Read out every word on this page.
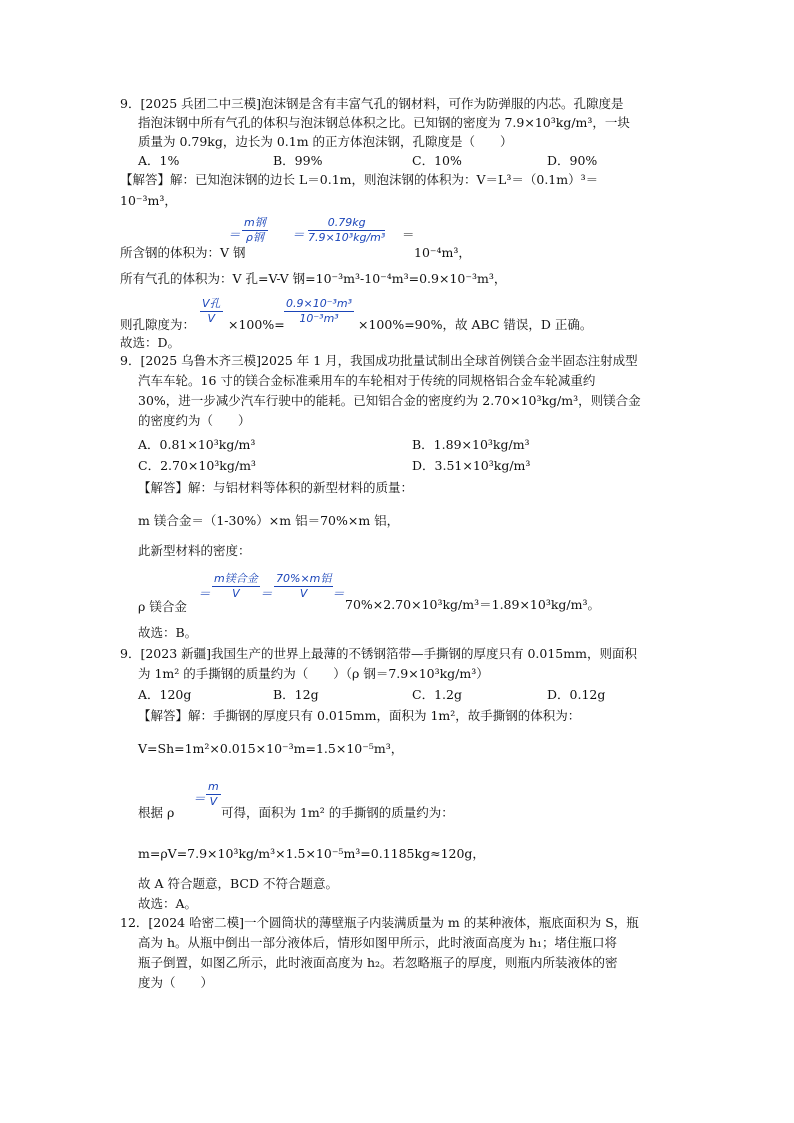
9．[2025 兵团二中三模]泡沫钢是含有丰富气孔的钢材料，可作为防弹服的内芯。孔隙度是
指泡沫钢中所有气孔的体积与泡沫钢总体积之比。已知钢的密度为 7.9×10³kg/m³，一块
质量为 0.79kg，边长为 0.1m 的正方体泡沫钢，孔隙度是（　　）
A．1%	B．99%	C．10%	D．90%
【解答】解：已知泡沫钢的边长 L＝0.1m，则泡沫钢的体积为：V＝L³＝（0.1m）³＝
10⁻³m³，
所含钢的体积为：V 钢
＝
m钢
ρ钢	＝ $\frac{0.79kg}{\text{7.9×10³kg/m³}}$ ＝
10⁻⁴m³，
所有气孔的体积为：V 孔=V-V 钢=10⁻³m³-10⁻⁴m³=0.9×10⁻³m³，
则孔隙度为：
V孔
V	$\times 100\%= \frac{\text{0.9×10⁻³m³}}{\text{10⁻³m³}} \times 100\%=90\%$，故 ABC 错误，D 正确。
故选：D。
9．[2025 乌鲁木齐三模]2025 年 1 月，我国成功批量试制出全球首例镁合金半固态注射成型
汽车车轮。16 寸的镁合金标准乘用车的车轮相对于传统的同规格铝合金车轮减重约
30%，进一步减少汽车行驶中的能耗。已知铝合金的密度约为 2.70×10³kg/m³，则镁合金
的密度约为（　　）
A．0.81×10³kg/m³	B．1.89×10³kg/m³
C．2.70×10³kg/m³	D．3.51×10³kg/m³
【解答】解：与铝材料等体积的新型材料的质量：
m 镁合金＝（1-30%）×m 铝＝70%×m 铝，
此新型材料的密度：
ρ 镁合金
＝
m镁合金
V	＝
70%×m铝
V	＝
70%×2.70×10³kg/m³＝1.89×10³kg/m³。
故选：B。
9．[2023 新疆]我国生产的世界上最薄的不锈钢箔带—手撕钢的厚度只有 0.015mm，则面积
为 1m² 的手撕钢的质量约为（　　）（ρ 钢＝7.9×10³kg/m³）
A．120g	B．12g	C．1.2g	D．0.12g
【解答】解：手撕钢的厚度只有 0.015mm，面积为 1m²，故手撕钢的体积为：
V=Sh=1m²×0.015×10⁻³m=1.5×10⁻⁵m³，
根据 ρ
＝ $\frac{m}{V}$
可得，面积为 1m² 的手撕钢的质量约为：
m=ρV=7.9×10³kg/m³×1.5×10⁻⁵m³=0.1185kg≈120g，
故 A 符合题意，BCD 不符合题意。
故选：A。
12．[2024 哈密二模]一个圆筒状的薄壁瓶子内装满质量为 m 的某种液体，瓶底面积为 S，瓶
高为 h。从瓶中倒出一部分液体后，情形如图甲所示，此时液面高度为 h₁；堵住瓶口将
瓶子倒置，如图乙所示，此时液面高度为 h₂。若忽略瓶子的厚度，则瓶内所装液体的密
度为（　　）
